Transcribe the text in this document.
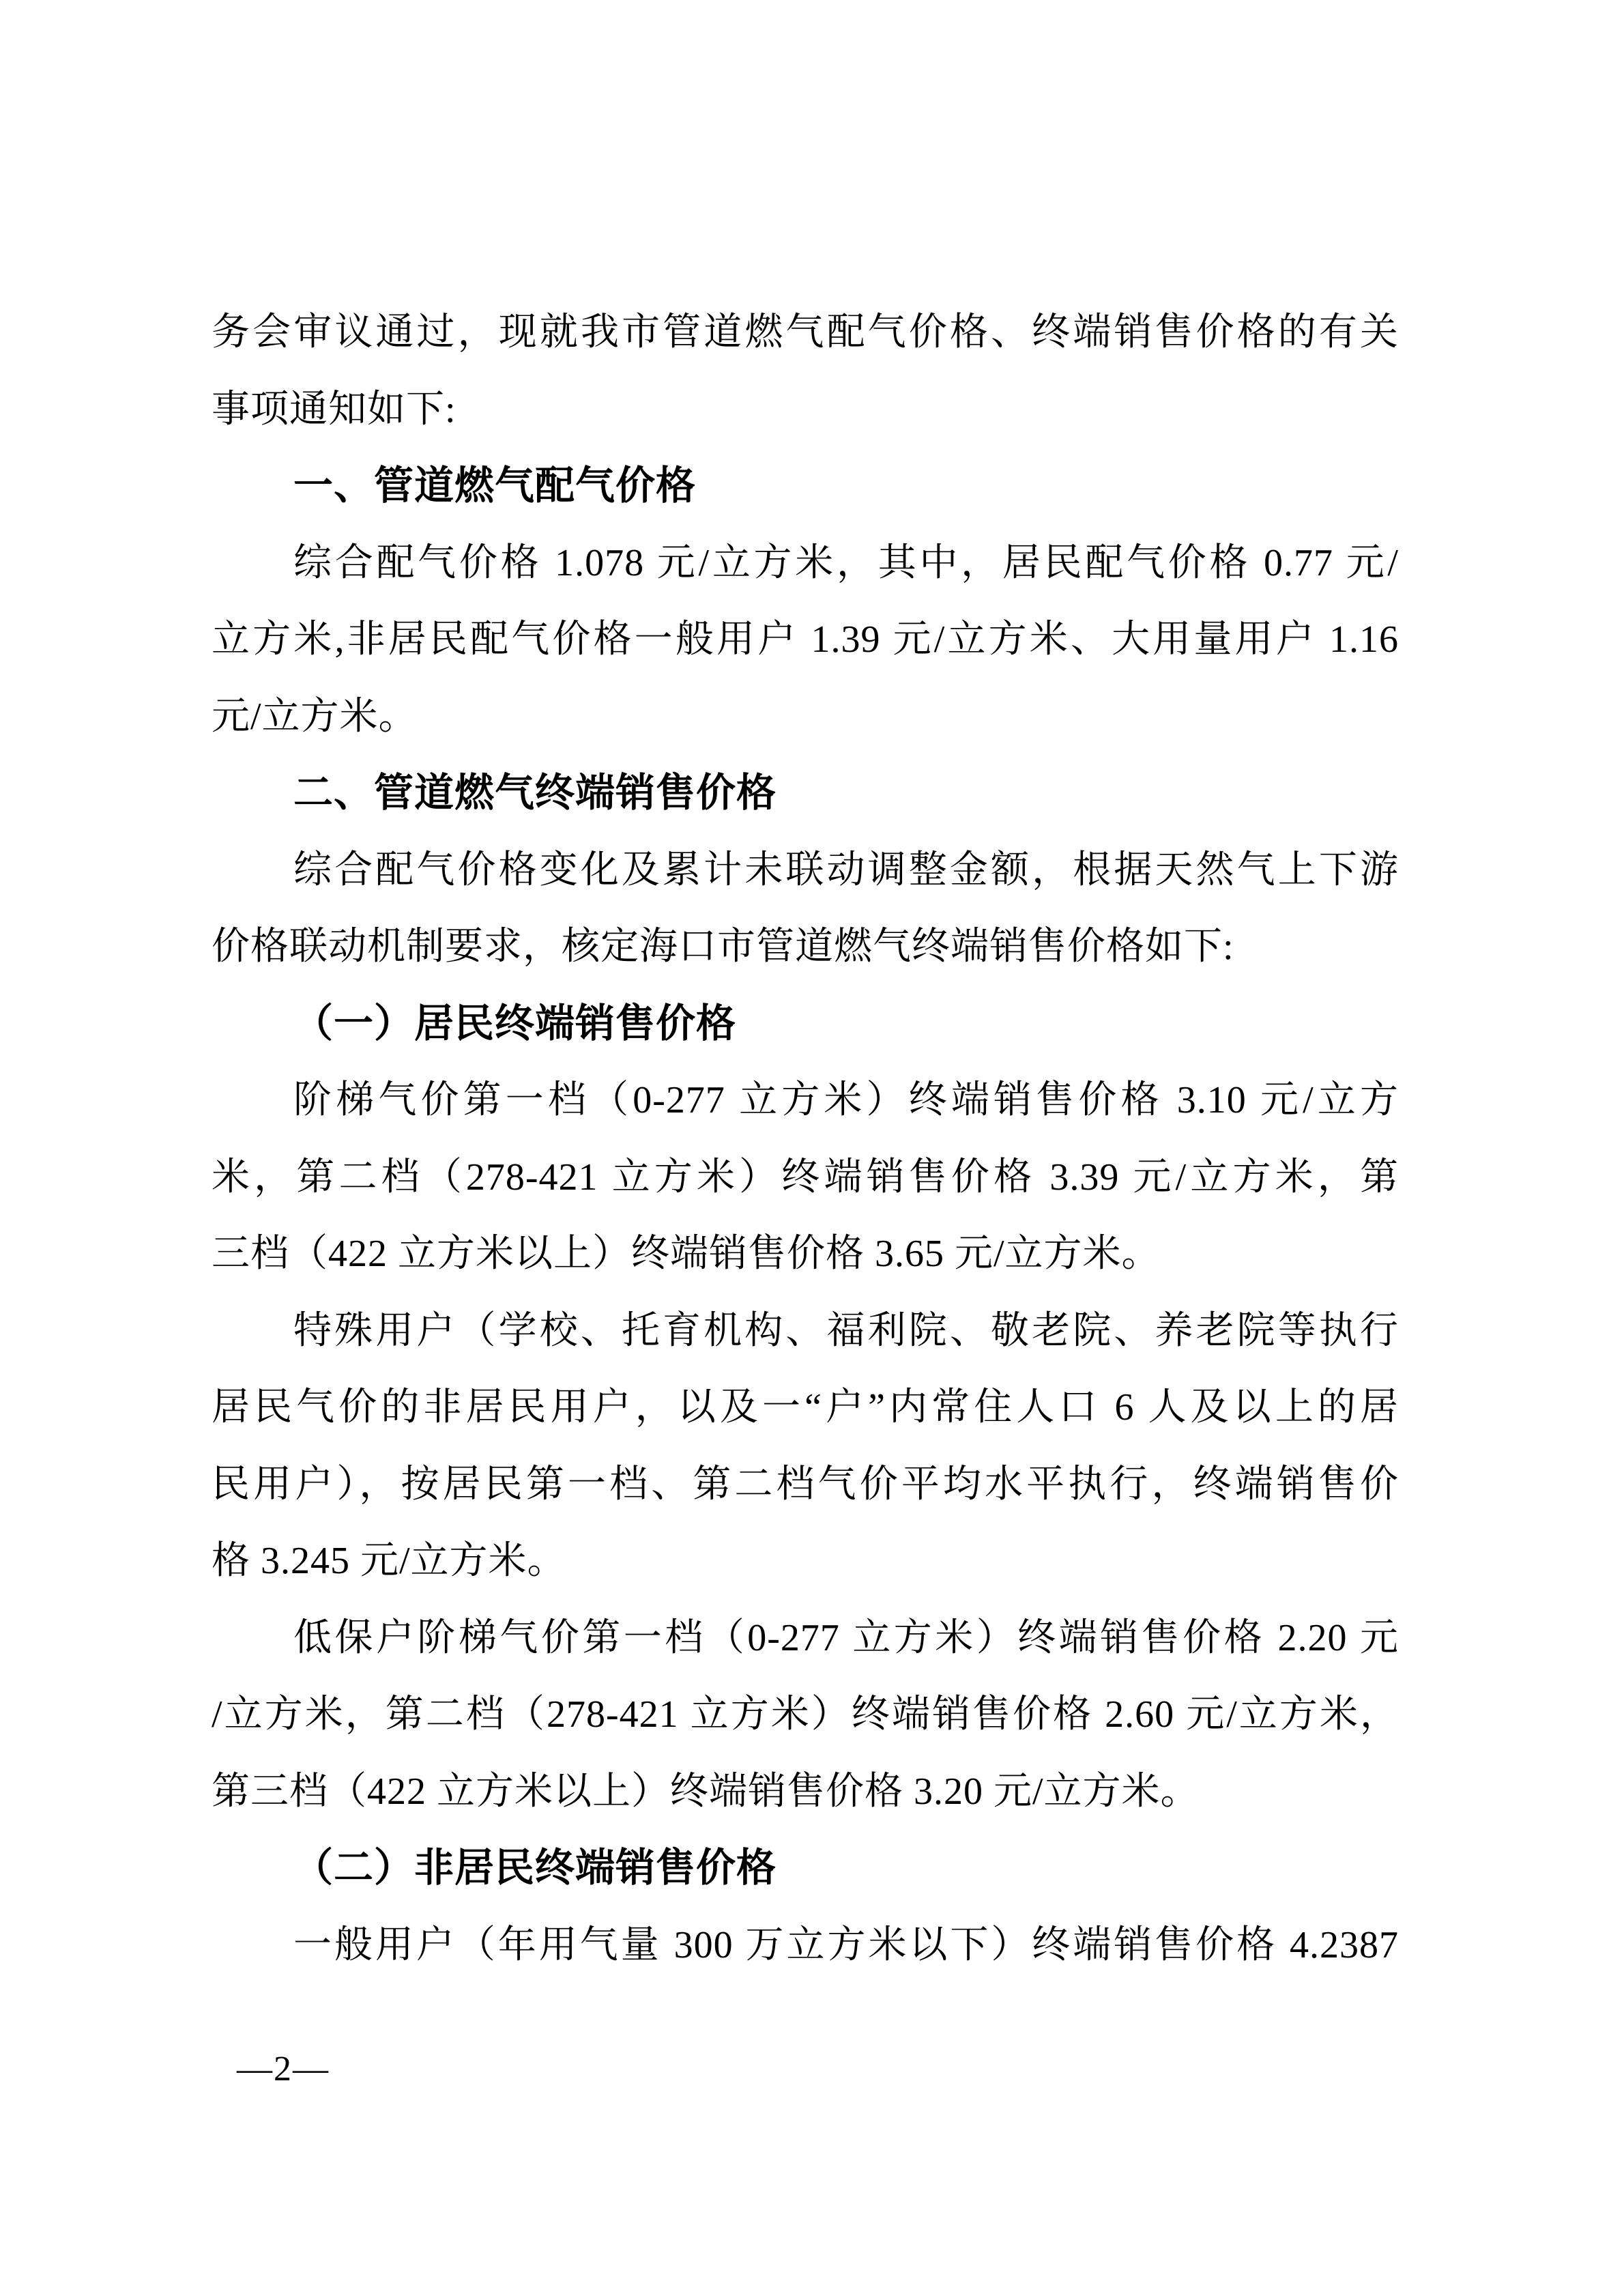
务会审议通过，现就我市管道燃气配气价格、终端销售价格的有关
事项通知如下:
一、管道燃气配气价格
综合配气价格 1.078 元/立方米，其中，居民配气价格 0.77 元/
立方米,非居民配气价格一般用户 1.39 元/立方米、大用量用户 1.16
元/立方米。
二、管道燃气终端销售价格
综合配气价格变化及累计未联动调整金额，根据天然气上下游
价格联动机制要求，核定海口市管道燃气终端销售价格如下:
（一）居民终端销售价格
阶梯气价第一档（0-277 立方米）终端销售价格 3.10 元/立方
米，第二档（278-421 立方米）终端销售价格 3.39 元/立方米，第
三档（422 立方米以上）终端销售价格 3.65 元/立方米。
特殊用户（学校、托育机构、福利院、敬老院、养老院等执行
居民气价的非居民用户，以及一“户”内常住人口 6 人及以上的居
民用户），按居民第一档、第二档气价平均水平执行，终端销售价
格 3.245 元/立方米。
低保户阶梯气价第一档（0-277 立方米）终端销售价格 2.20 元
/立方米，第二档（278-421 立方米）终端销售价格 2.60 元/立方米，
第三档（422 立方米以上）终端销售价格 3.20 元/立方米。
（二）非居民终端销售价格
一般用户（年用气量 300 万立方米以下）终端销售价格 4.2387
—2—
